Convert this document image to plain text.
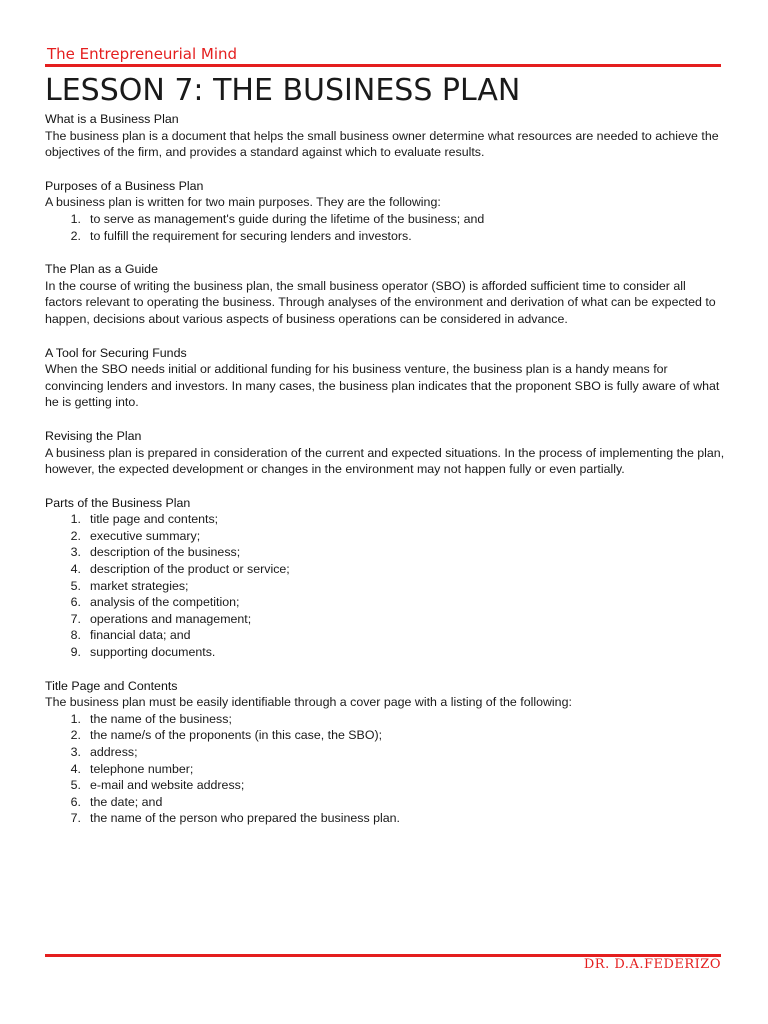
The Entrepreneurial Mind
LESSON 7: THE BUSINESS PLAN
What is a Business Plan

The business plan is a document that helps the small business owner determine what resources are needed to achieve the objectives of the firm, and provides a standard against which to evaluate results.

Purposes of a Business Plan

A business plan is written for two main purposes. They are the following:

1. to serve as management's guide during the lifetime of the business; and
2. to fulfill the requirement for securing lenders and investors.
The Plan as a Guide

In the course of writing the business plan, the small business operator (SBO) is afforded sufficient time to consider all factors relevant to operating the business. Through analyses of the environment and derivation of what can be expected to happen, decisions about various aspects of business operations can be considered in advance.

A Tool for Securing Funds

When the SBO needs initial or additional funding for his business venture, the business plan is a handy means for convincing lenders and investors. In many cases, the business plan indicates that the proponent SBO is fully aware of what he is getting into.

Revising the Plan

A business plan is prepared in consideration of the current and expected situations. In the process of implementing the plan, however, the expected development or changes in the environment may not happen fully or even partially.

Parts of the Business Plan
1. title page and contents;
2. executive summary;
3. description of the business;
4. description of the product or service;
5. market strategies;
6. analysis of the competition;
7. operations and management;
8. financial data; and
9. supporting documents.
Title Page and Contents

The business plan must be easily identifiable through a cover page with a listing of the following:

1. the name of the business;
2. the name/s of the proponents (in this case, the SBO);
3. address;
4. telephone number;
5. e-mail and website address;
6. the date; and
7. the name of the person who prepared the business plan.
DR. D.A.FEDERIZO
